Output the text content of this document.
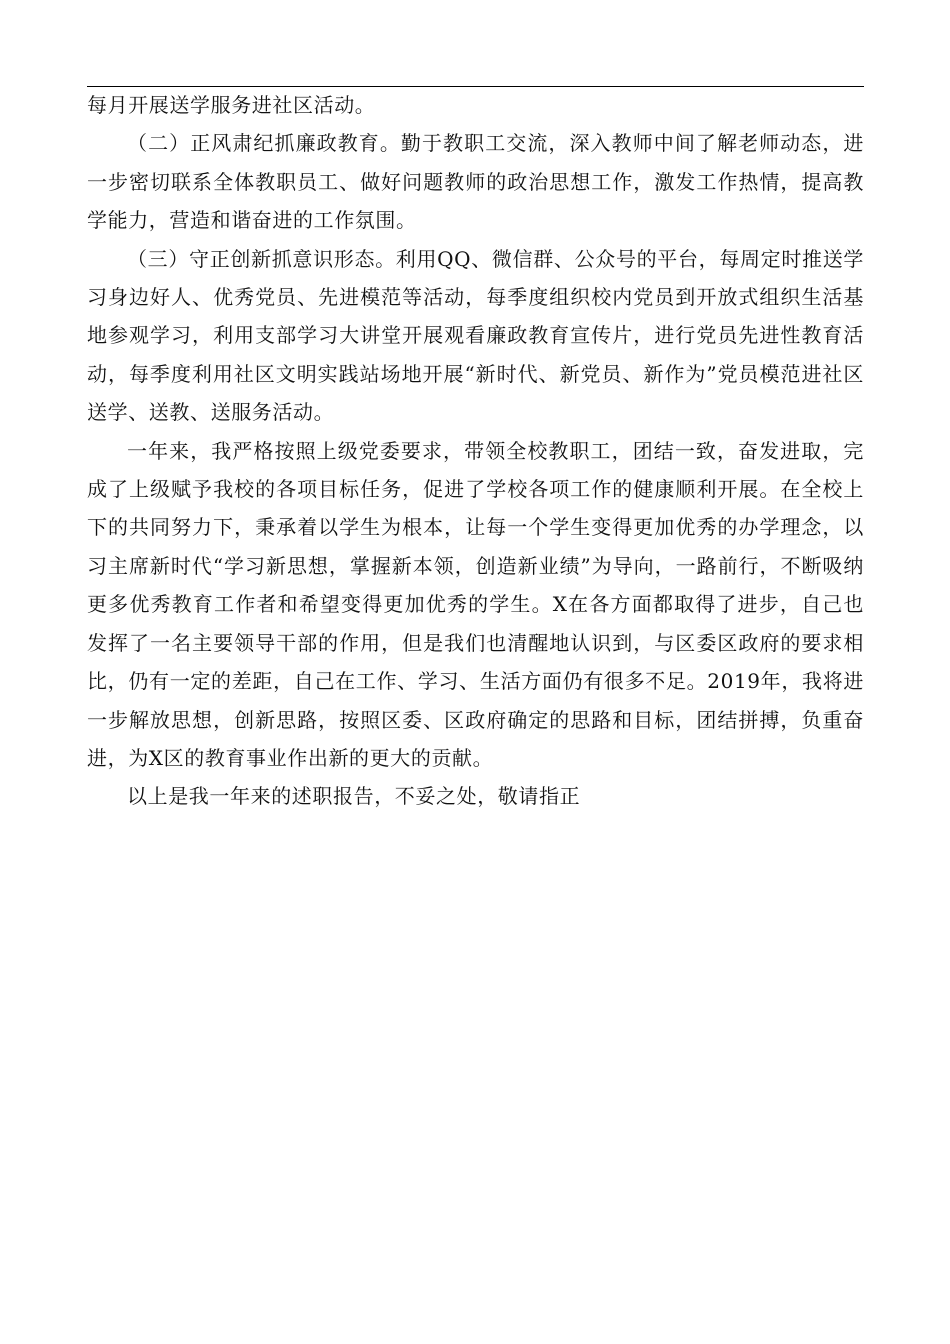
每月开展送学服务进社区活动。

（二）正风肃纪抓廉政教育。勤于教职工交流，深入教师中间了解老师动态，进一步密切联系全体教职员工、做好问题教师的政治思想工作，激发工作热情，提高教学能力，营造和谐奋进的工作氛围。

（三）守正创新抓意识形态。利用QQ、微信群、公众号的平台，每周定时推送学习身边好人、优秀党员、先进模范等活动，每季度组织校内党员到开放式组织生活基地参观学习，利用支部学习大讲堂开展观看廉政教育宣传片，进行党员先进性教育活动，每季度利用社区文明实践站场地开展“新时代、新党员、新作为”党员模范进社区送学、送教、送服务活动。

一年来，我严格按照上级党委要求，带领全校教职工，团结一致，奋发进取，完成了上级赋予我校的各项目标任务，促进了学校各项工作的健康顺利开展。在全校上下的共同努力下，秉承着以学生为根本，让每一个学生变得更加优秀的办学理念，以习主席新时代“学习新思想，掌握新本领，创造新业绩”为导向，一路前行，不断吸纳更多优秀教育工作者和希望变得更加优秀的学生。X在各方面都取得了进步，自己也发挥了一名主要领导干部的作用，但是我们也清醒地认识到，与区委区政府的要求相比，仍有一定的差距，自己在工作、学习、生活方面仍有很多不足。2019年，我将进一步解放思想，创新思路，按照区委、区政府确定的思路和目标，团结拼搏，负重奋进，为X区的教育事业作出新的更大的贡献。

以上是我一年来的述职报告，不妥之处，敬请指正
